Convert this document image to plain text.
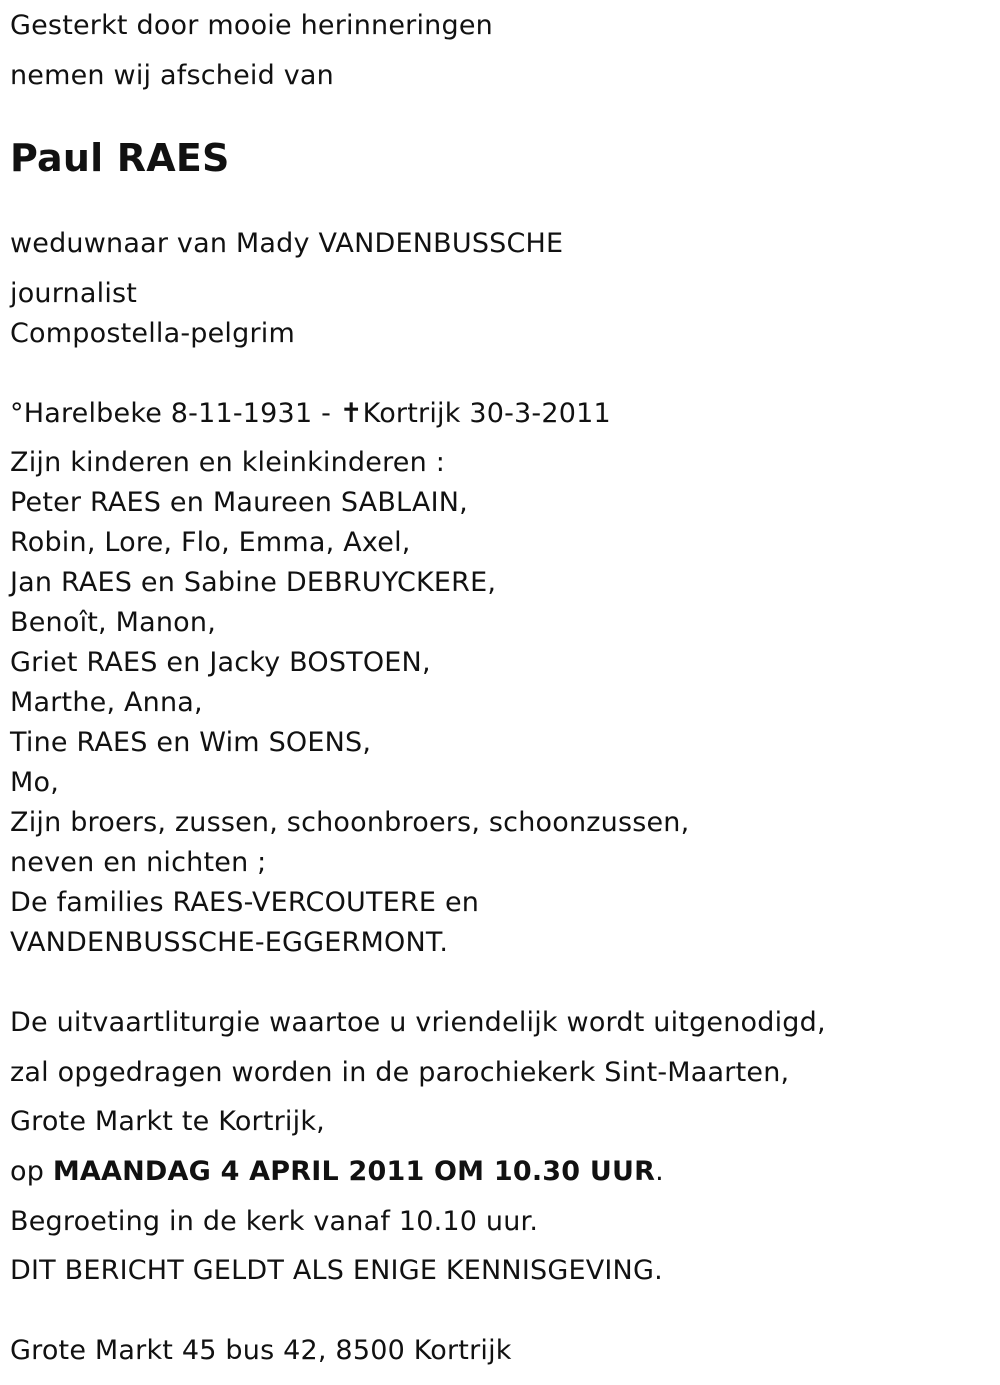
Gesterkt door mooie herinneringen
nemen wij afscheid van
Paul RAES
weduwnaar van Mady VANDENBUSSCHE
journalist
Compostella-pelgrim
°Harelbeke 8-11-1931 - ✝Kortrijk 30-3-2011
Zijn kinderen en kleinkinderen :
Peter RAES en Maureen SABLAIN,
Robin, Lore, Flo, Emma, Axel,
Jan RAES en Sabine DEBRUYCKERE,
Benoît, Manon,
Griet RAES en Jacky BOSTOEN,
Marthe, Anna,
Tine RAES en Wim SOENS,
Mo,
Zijn broers, zussen, schoonbroers, schoonzussen,
neven en nichten ;
De families RAES-VERCOUTERE en
VANDENBUSSCHE-EGGERMONT.
De uitvaartliturgie waartoe u vriendelijk wordt uitgenodigd,
zal opgedragen worden in de parochiekerk Sint-Maarten,
Grote Markt te Kortrijk,
op MAANDAG 4 APRIL 2011 OM 10.30 UUR.
Begroeting in de kerk vanaf 10.10 uur.
DIT BERICHT GELDT ALS ENIGE KENNISGEVING.
Grote Markt 45 bus 42, 8500 Kortrijk
